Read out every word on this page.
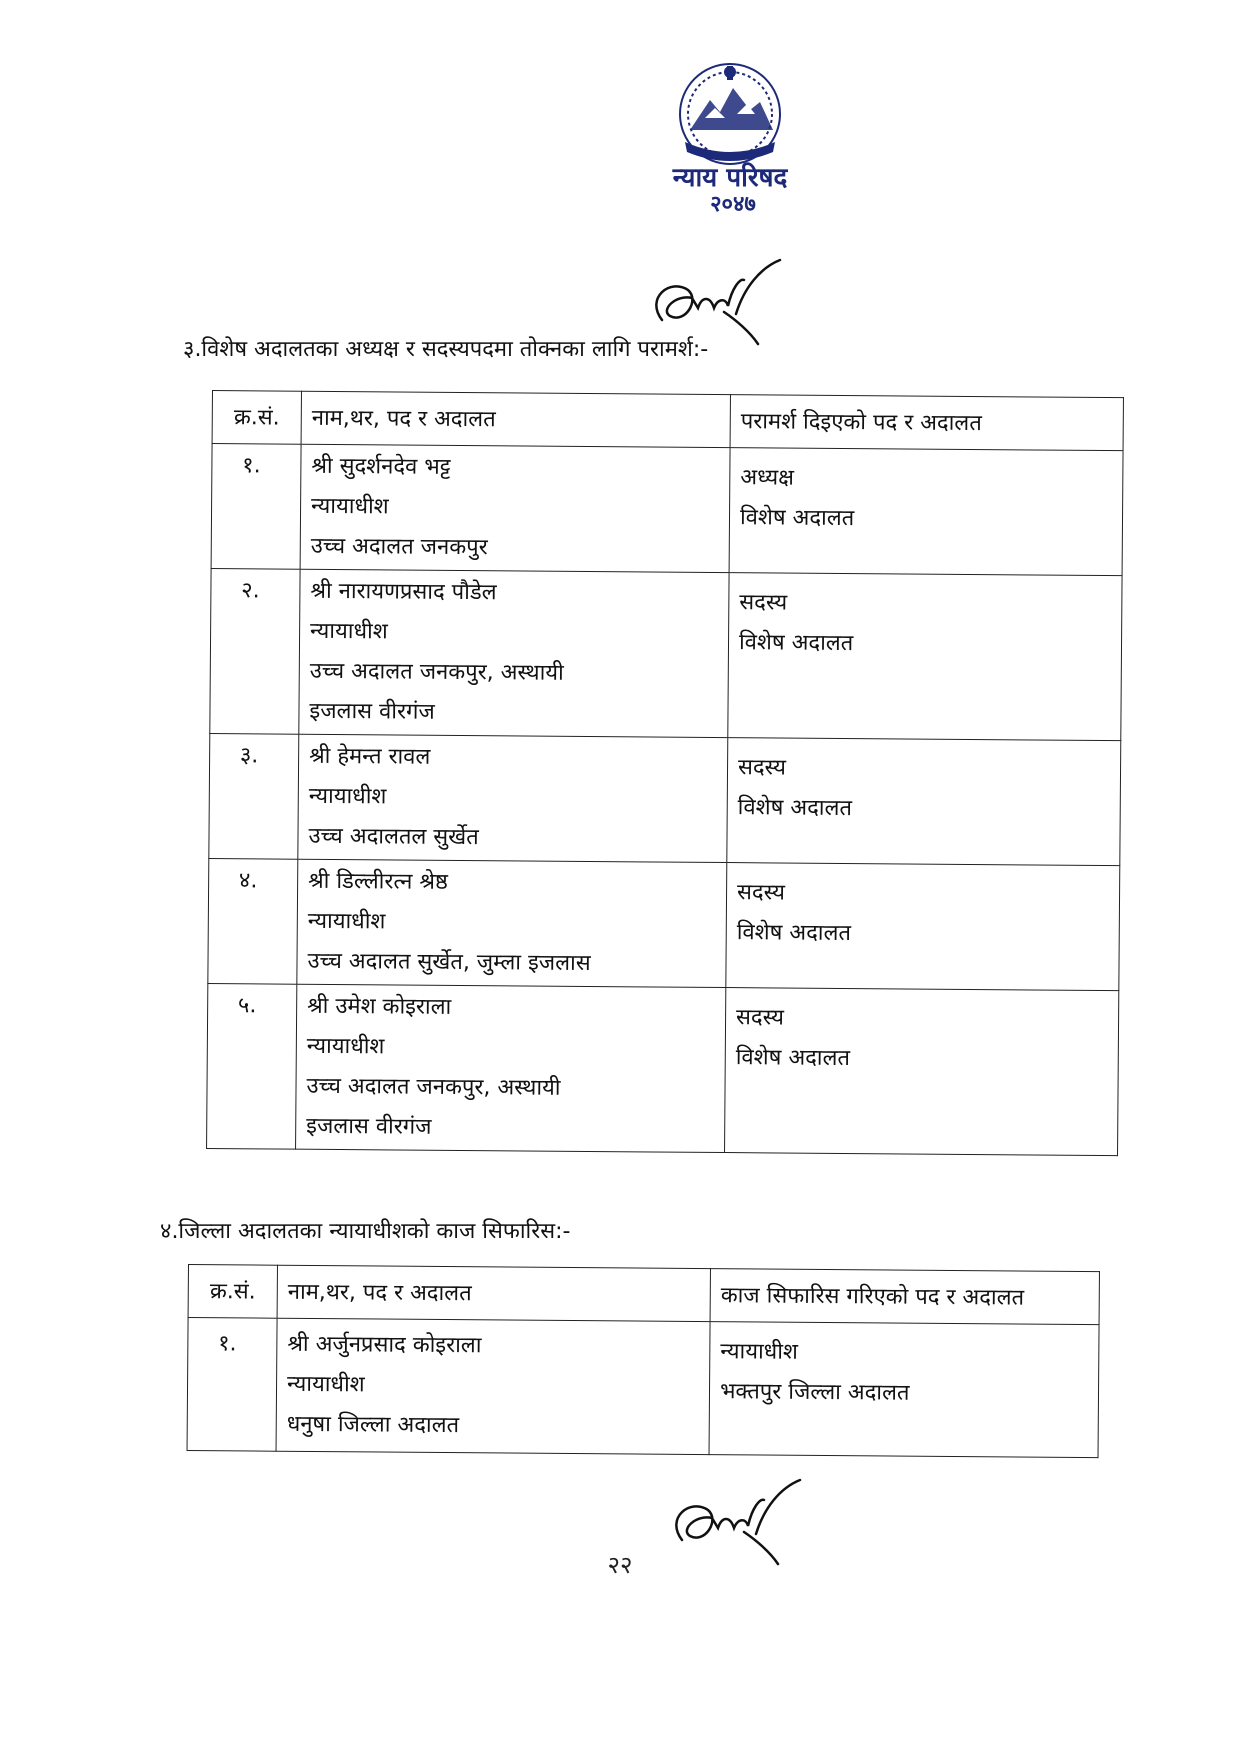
न्याय परिषद
२०४७
३.विशेष अदालतका अध्यक्ष र सदस्यपदमा तोक्नका लागि परामर्श:-
क्र.सं.	नाम,थर, पद र अदालत	परामर्श दिइएको पद र अदालत

१.	श्री सुदर्शनदेव भट्ट
न्यायाधीश
उच्च अदालत जनकपुर	अध्यक्ष
विशेष अदालत

२.	श्री नारायणप्रसाद पौडेल
न्यायाधीश
उच्च अदालत जनकपुर, अस्थायी
इजलास वीरगंज	सदस्य
विशेष अदालत

३.	श्री हेमन्त रावल
न्यायाधीश
उच्च अदालतल सुर्खेत	सदस्य
विशेष अदालत

४.	श्री डिल्लीरत्न श्रेष्ठ
न्यायाधीश
उच्च अदालत सुर्खेत, जुम्ला इजलास	सदस्य
विशेष अदालत

५.	श्री उमेश कोइराला
न्यायाधीश
उच्च अदालत जनकपुर, अस्थायी
इजलास वीरगंज	सदस्य
विशेष अदालत
४.जिल्ला अदालतका न्यायाधीशको काज सिफारिस:-
क्र.सं.	नाम,थर, पद र अदालत	काज सिफारिस गरिएको पद र अदालत

१.	श्री अर्जुनप्रसाद कोइराला
न्यायाधीश
धनुषा जिल्ला अदालत	न्यायाधीश
भक्तपुर जिल्ला अदालत
२२
